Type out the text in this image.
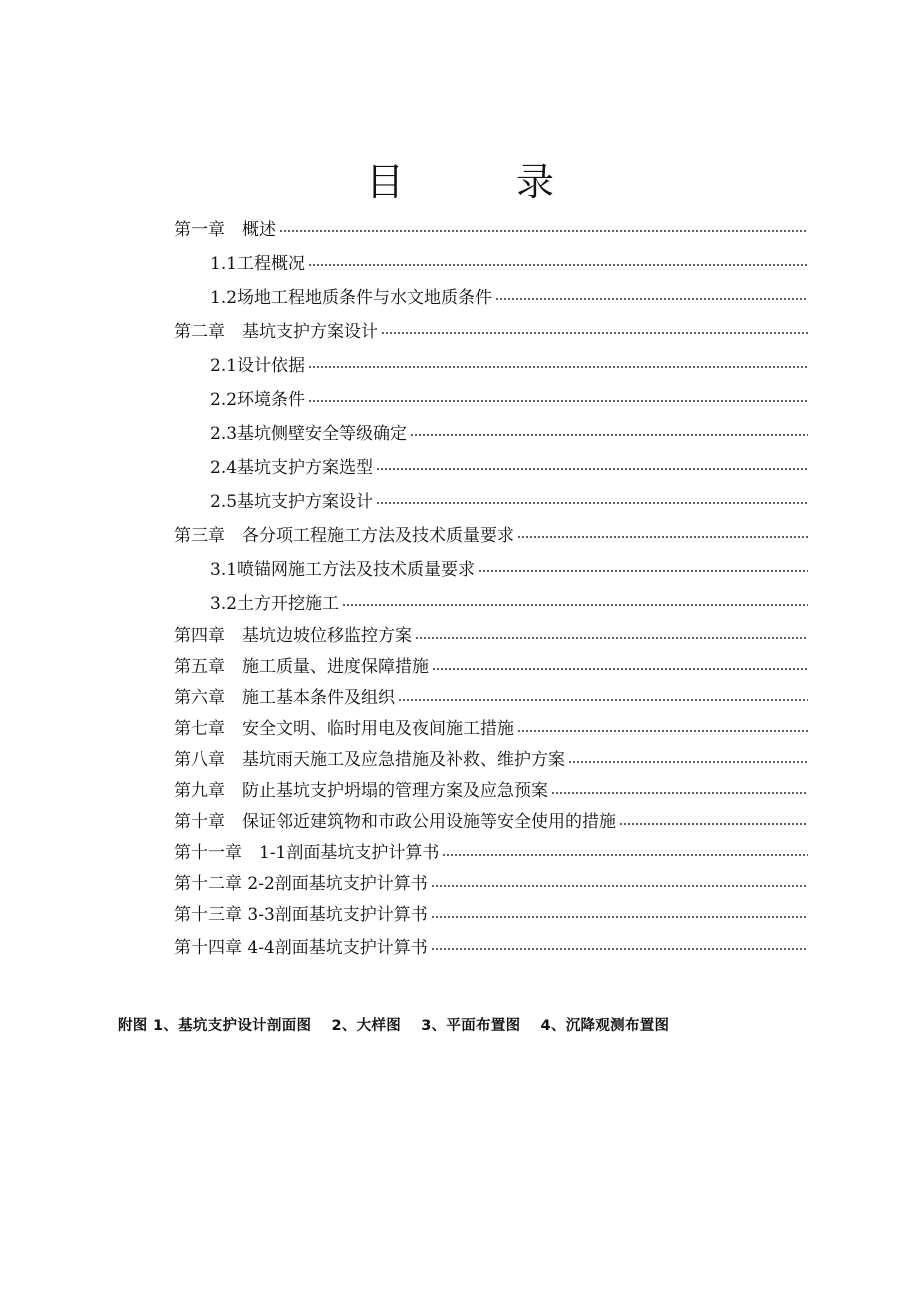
目 录
第一章　概述
1.1工程概况
1.2场地工程地质条件与水文地质条件
第二章　基坑支护方案设计
2.1设计依据
2.2环境条件
2.3基坑侧壁安全等级确定
2.4基坑支护方案选型
2.5基坑支护方案设计
第三章　各分项工程施工方法及技术质量要求
3.1喷锚网施工方法及技术质量要求
3.2土方开挖施工
第四章　基坑边坡位移监控方案
第五章　施工质量、进度保障措施
第六章　施工基本条件及组织
第七章　安全文明、临时用电及夜间施工措施
第八章　基坑雨天施工及应急措施及补救、维护方案
第九章　防止基坑支护坍塌的管理方案及应急预案
第十章　保证邻近建筑物和市政公用设施等安全使用的措施
第十一章　1-1剖面基坑支护计算书
第十二章 2-2剖面基坑支护计算书
第十三章 3-3剖面基坑支护计算书
第十四章 4-4剖面基坑支护计算书
附图 1、基坑支护设计剖面图　 2、大样图　 3、平面布置图　 4、沉降观测布置图
